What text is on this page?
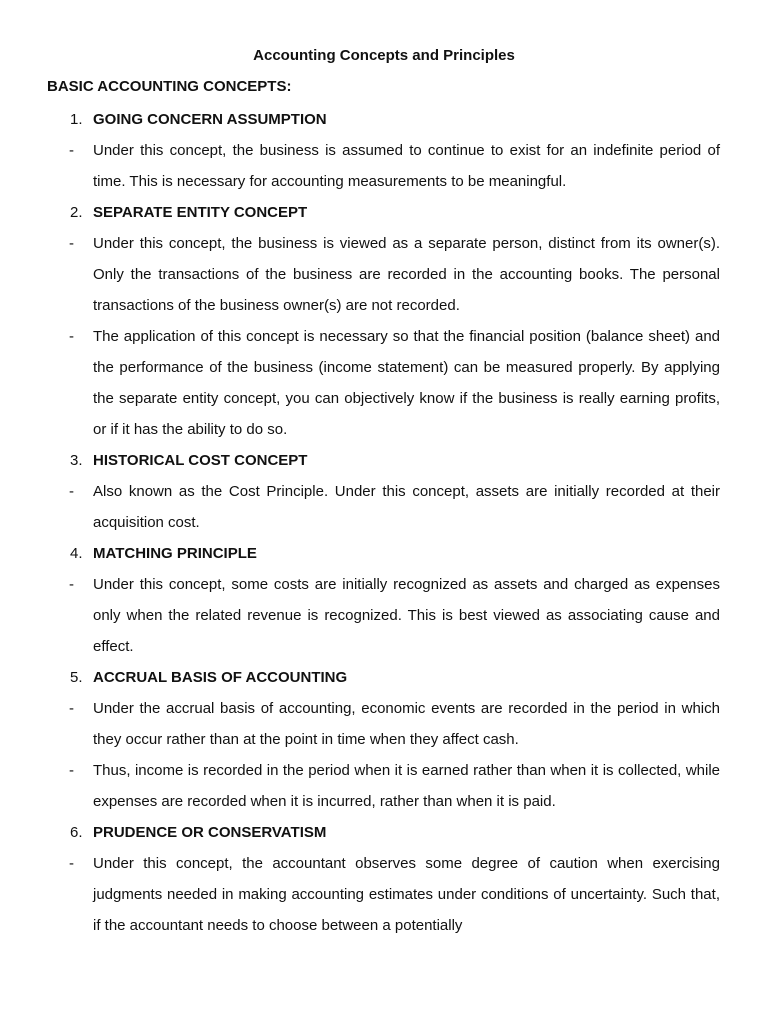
Accounting Concepts and Principles
BASIC ACCOUNTING CONCEPTS:
1. GOING CONCERN ASSUMPTION
- Under this concept, the business is assumed to continue to exist for an indefinite period of time. This is necessary for accounting measurements to be meaningful.
2. SEPARATE ENTITY CONCEPT
- Under this concept, the business is viewed as a separate person, distinct from its owner(s). Only the transactions of the business are recorded in the accounting books. The personal transactions of the business owner(s) are not recorded.
- The application of this concept is necessary so that the financial position (balance sheet) and the performance of the business (income statement) can be measured properly. By applying the separate entity concept, you can objectively know if the business is really earning profits, or if it has the ability to do so.
3. HISTORICAL COST CONCEPT
- Also known as the Cost Principle. Under this concept, assets are initially recorded at their acquisition cost.
4. MATCHING PRINCIPLE
- Under this concept, some costs are initially recognized as assets and charged as expenses only when the related revenue is recognized. This is best viewed as associating cause and effect.
5. ACCRUAL BASIS OF ACCOUNTING
- Under the accrual basis of accounting, economic events are recorded in the period in which they occur rather than at the point in time when they affect cash.
- Thus, income is recorded in the period when it is earned rather than when it is collected, while expenses are recorded when it is incurred, rather than when it is paid.
6. PRUDENCE OR CONSERVATISM
- Under this concept, the accountant observes some degree of caution when exercising judgments needed in making accounting estimates under conditions of uncertainty. Such that, if the accountant needs to choose between a potentially
